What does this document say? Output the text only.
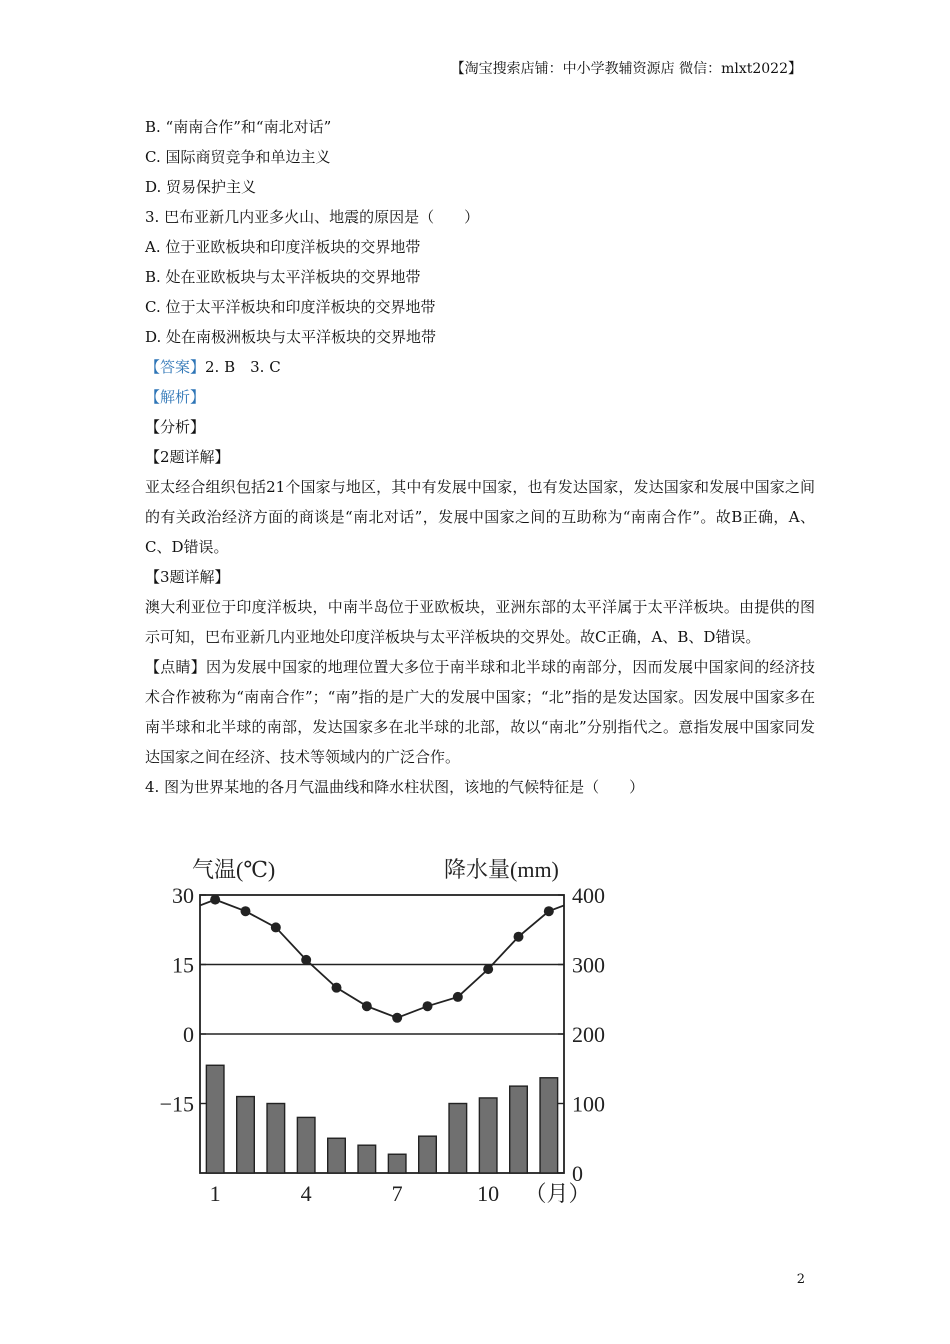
【淘宝搜索店铺：中小学教辅资源店 微信：mlxt2022】
B. “南南合作”和“南北对话”
C. 国际商贸竞争和单边主义
D. 贸易保护主义
3. 巴布亚新几内亚多火山、地震的原因是（　　）
A. 位于亚欧板块和印度洋板块的交界地带
B. 处在亚欧板块与太平洋板块的交界地带
C. 位于太平洋板块和印度洋板块的交界地带
D. 处在南极洲板块与太平洋板块的交界地带
【答案】2. B　3. C
【解析】
【分析】
【2题详解】
亚太经合组织包括21个国家与地区，其中有发展中国家，也有发达国家，发达国家和发展中国家之间的有关政治经济方面的商谈是“南北对话”，发展中国家之间的互助称为“南南合作”。故B正确，A、C、D错误。
【3题详解】
澳大利亚位于印度洋板块，中南半岛位于亚欧板块，亚洲东部的太平洋属于太平洋板块。由提供的图示可知，巴布亚新几内亚地处印度洋板块与太平洋板块的交界处。故C正确，A、B、D错误。
【点睛】因为发展中国家的地理位置大多位于南半球和北半球的南部分，因而发展中国家间的经济技术合作被称为“南南合作”；“南”指的是广大的发展中国家；“北”指的是发达国家。因发展中国家多在南半球和北半球的南部，发达国家多在北半球的北部，故以“南北”分别指代之。意指发展中国家同发达国家之间在经济、技术等领域内的广泛合作。
4. 图为世界某地的各月气温曲线和降水柱状图，该地的气候特征是（　　）
气温(℃)	降水量(mm)
30
15
0
−15
400
300
200
100
0
1	4	7	10 （月）
2
